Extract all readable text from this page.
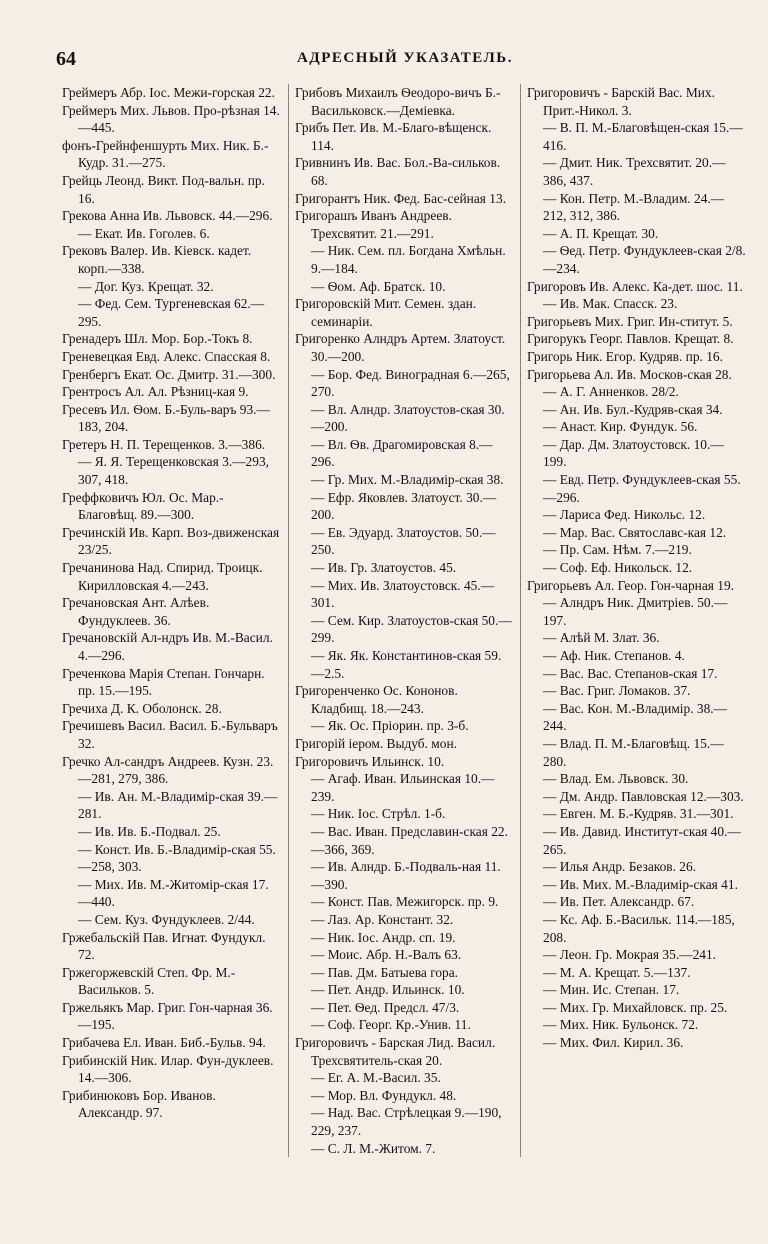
64	АДРЕСНЫЙ УКАЗАТЕЛЬ.

Греймеръ Абр. Іос. Межи-горская 22.

Греймеръ Мих. Львов. Про-рѣзная 14.—445.

фонъ-Грейнфеншурть Мих. Ник. Б.-Кудр. 31.—275.

Грейць Леонд. Викт. Под-вальн. пр. 16.

Грекова Анна Ив. Львовск. 44.—296.

— Екат. Ив. Гоголев. 6.

Грековъ Валер. Ив. Кіевск. кадет. корп.—338.

— Дог. Куз. Крещат. 32.

— Фед. Сем. Тургеневская 62.—295.

Гренадеръ Шл. Мор. Бор.-Токъ 8.

Греневецкая Евд. Алекс. Спасская 8.

Гренбергъ Екат. Ос. Дмитр. 31.—300.

Грентросъ Ал. Ал. Рѣзниц-кая 9.

Гресевъ Ил. Ѳом. Б.-Буль-варъ 93.—183, 204.

Гретеръ Н. П. Терещенков. 3.—386.

— Я. Я. Терещенковская 3.—293, 307, 418.

Греффковичъ Юл. Ос. Мар.-Благовѣщ. 89.—300.

Гречинскій Ив. Карп. Воз-движенская 23/25.

Гречанинова Над. Спирид. Троицк. Кирилловская 4.—243.

Гречановская Ант. Алѣев. Фундуклеев. 36.

Гречановскій Ал-ндръ Ив. М.-Васил. 4.—296.

Греченкова Марія Степан. Гончарн. пр. 15.—195.

Гречиха Д. К. Оболонск. 28.

Гречишевъ Васил. Васил. Б.-Бульваръ 32.

Гречко Ал-сандръ Андреев. Кузн. 23.—281, 279, 386.

— Ив. Ан. М.-Владимір-ская 39.—281.

— Ив. Ив. Б.-Подвал. 25.

— Конст. Ив. Б.-Владимір-ская 55.—258, 303.

— Мих. Ив. М.-Житомір-ская 17.—440.

— Сем. Куз. Фундуклеев. 2/44.

Гржебальскій Пав. Игнат. Фундукл. 72.

Гржегоржевскій Степ. Фр. М.-Васильков. 5.

Гржельякъ Мар. Григ. Гон-чарная 36.—195.

Грибачева Ел. Иван. Биб.-Бульв. 94.

Грибинскій Ник. Илар. Фун-дуклеев. 14.—306.

Грибинюковъ Бор. Иванов. Александр. 97.

Грибовъ Михаилъ Ѳеодоро-вичъ Б.-Васильковск.—Деміевка.

Грибъ Пет. Ив. М.-Благо-вѣщенск. 114.

Гривнинъ Ив. Вас. Бол.-Ва-сильков. 68.

Григорантъ Ник. Фед. Бас-сейная 13.

Григорашъ Иванъ Андреев. Трехсвятит. 21.—291.

— Ник. Сем. пл. Богдана Хмѣльн. 9.—184.

— Ѳом. Аф. Братск. 10.

Григоровскій Мит. Семен. здан. семинаріи.

Григоренко Алндръ Артем. Златоуст. 30.—200.

— Бор. Фед. Виноградная 6.—265, 270.

— Вл. Алндр. Златоустов-ская 30.—200.

— Вл. Ѳв. Драгомировская 8.—296.

— Гр. Мих. М.-Владимір-ская 38.

— Ефр. Яковлев. Златоуст. 30.—200.

— Ев. Эдуард. Златоустов. 50.—250.

— Ив. Гр. Златоустов. 45.

— Мих. Ив. Златоустовск. 45.—301.

— Сем. Кир. Златоустов-ская 50.—299.

— Як. Як. Константинов-ская 59.—2.5.

Григоренченко Ос. Кононов. Кладбищ. 18.—243.

— Як. Ос. Пріорин. пр. 3-б.

Григорій іером. Выдуб. мон.

Григоровичъ Ильинск. 10.

— Агаф. Иван. Ильинская 10.—239.

— Ник. Іос. Стрѣл. 1-б.

— Вас. Иван. Предславин-ская 22.—366, 369.

— Ив. Алндр. Б.-Подваль-ная 11.—390.

— Конст. Пав. Межигорск. пр. 9.

— Лаз. Ар. Констант. 32.

— Ник. Іос. Андр. сп. 19.

— Моис. Абр. Н.-Валъ 63.

— Пав. Дм. Батыева гора.

— Пет. Андр. Ильинск. 10.

— Пет. Ѳед. Предсл. 47/3.

— Соф. Георг. Кр.-Унив. 11.

Григоровичъ - Барская Лид. Васил. Трехсвятитель-ская 20.

— Ег. А. М.-Васил. 35.

— Мор. Вл. Фундукл. 48.

— Над. Вас. Стрѣлецкая 9.—190, 229, 237.

— С. Л. М.-Житом. 7.

Григоровичъ - Барскій Вас. Мих. Прит.-Никол. 3.

— В. П. М.-Благовѣщен-ская 15.—416.

— Дмит. Ник. Трехсвятит. 20.—386, 437.

— Кон. Петр. М.-Владим. 24.—212, 312, 386.

— А. П. Крещат. 30.

— Ѳед. Петр. Фундуклеев-ская 2/8.—234.

Григоровъ Ив. Алекс. Ка-дет. шос. 11.

— Ив. Мак. Спасск. 23.

Григорьевъ Мих. Григ. Ин-ститут. 5.

Григорукъ Георг. Павлов. Крещат. 8.

Григорь Ник. Егор. Кудряв. пр. 16.

Григорьева Ал. Ив. Москов-ская 28.

— А. Г. Анненков. 28/2.

— Ан. Ив. Бул.-Кудряв-ская 34.

— Анаст. Кир. Фундук. 56.

— Дар. Дм. Златоустовск. 10.—199.

— Евд. Петр. Фундуклеев-ская 55.—296.

— Лариса Фед. Никольс. 12.

— Мар. Вас. Святославс-кая 12.

— Пр. Сам. Нѣм. 7.—219.

— Соф. Еф. Никольск. 12.

Григорьевъ Ал. Геор. Гон-чарная 19.

— Алндръ Ник. Дмитріев. 50.—197.

— Алѣй М. Злат. 36.

— Аф. Ник. Степанов. 4.

— Вас. Вас. Степанов-ская 17.

— Вас. Григ. Ломаков. 37.

— Вас. Кон. М.-Владимір. 38.—244.

— Влад. П. М.-Благовѣщ. 15.—280.

— Влад. Ем. Львовск. 30.

— Дм. Андр. Павловская 12.—303.

— Евген. М. Б.-Кудряв. 31.—301.

— Ив. Давид. Институт-ская 40.—265.

— Илья Андр. Безаков. 26.

— Ив. Мих. М.-Владимір-ская 41.

— Ив. Пет. Александр. 67.

— Кс. Аф. Б.-Васильк. 114.—185, 208.

— Леон. Гр. Мокрая 35.—241.

— М. А. Крещат. 5.—137.

— Мин. Ис. Степан. 17.

— Мих. Гр. Михайловск. пр. 25.

— Мих. Ник. Бульонск. 72.

— Мих. Фил. Кирил. 36.
